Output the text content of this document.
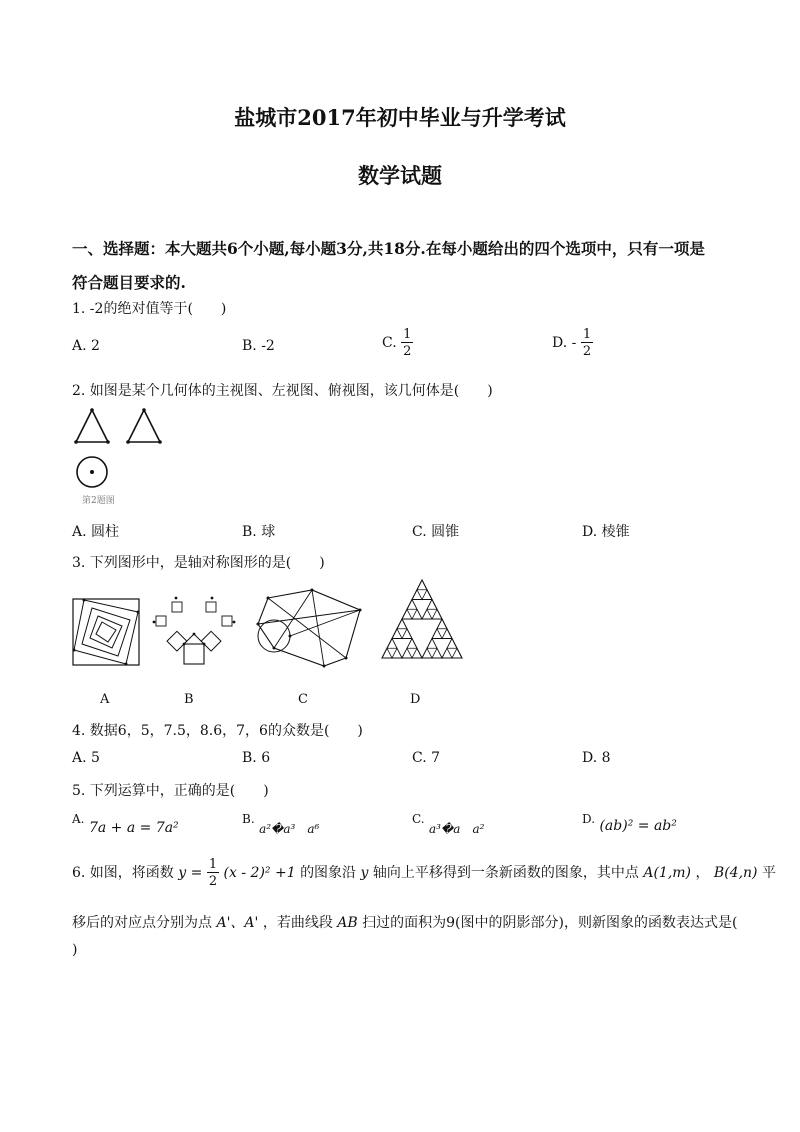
盐城市2017年初中毕业与升学考试
数学试题
一、选择题：本大题共6个小题,每小题3分,共18分.在每小题给出的四个选项中，只有一项是
符合题目要求的.
1. -2的绝对值等于(　　)
A. 2	B. -2	C. $\frac{1}{2}$	D. - $\frac{1}{2}$
2. 如图是某个几何体的主视图、左视图、俯视图，该几何体是(　　)
第2题图
A. 圆柱	B. 球	C. 圆锥	D. 棱锥
3. 下列图形中，是轴对称图形的是(　　)
A	B	C	D
4. 数据6，5，7.5，8.6，7，6的众数是(　　)
A. 5	B. 6	C. 7	D. 8
5. 下列运算中，正确的是(　　)
A. 7a + a = 7a²
B. a²�a³　a⁶
C. a³�a　a²
D. (ab)² = ab²
6. 如图，将函数 $y = \frac{1}{2} (x - 2)^2 +1$ 的图象沿 y 轴向上平移得到一条新函数的图象，其中点 A(1,m) ， B(4,n) 平
移后的对应点分别为点 A'、A' ，若曲线段 AB 扫过的面积为9(图中的阴影部分)，则新图象的函数表达式是(
)
